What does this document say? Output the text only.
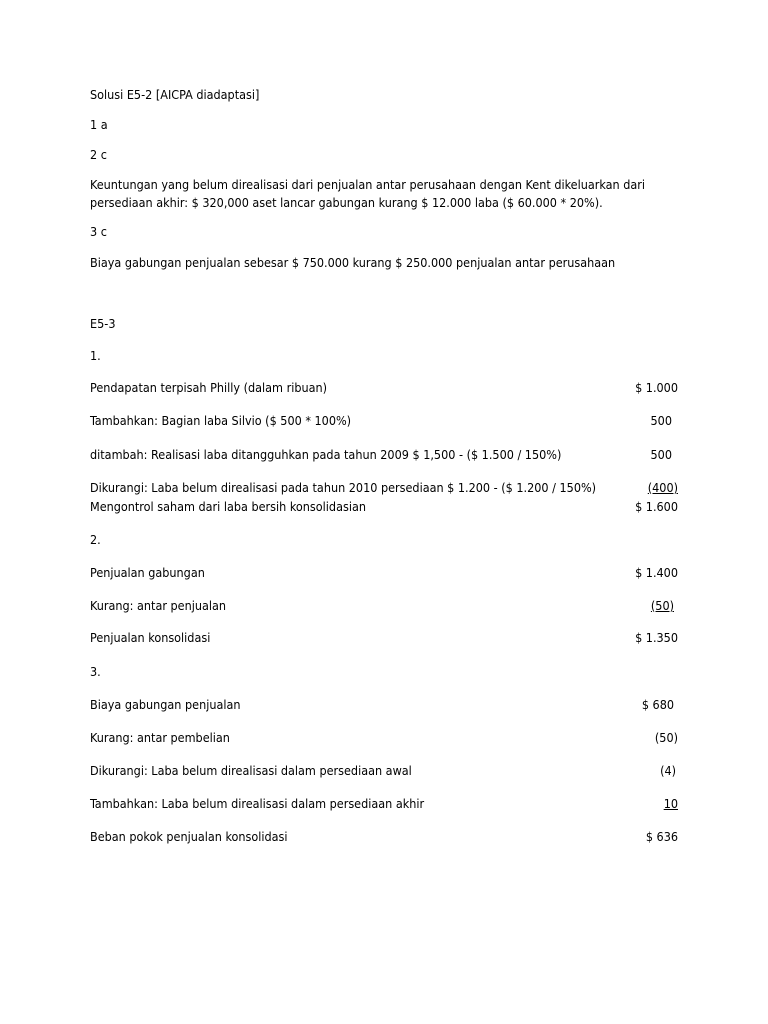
Solusi E5-2 [AICPA diadaptasi]
1 a
2 c
Keuntungan yang belum direalisasi dari penjualan antar perusahaan dengan Kent dikeluarkan dari persediaan akhir: $ 320,000 aset lancar gabungan kurang $ 12.000 laba ($ 60.000 * 20%).
3 c
Biaya gabungan penjualan sebesar $ 750.000 kurang $ 250.000 penjualan antar perusahaan
E5-3
1.
Pendapatan terpisah Philly (dalam ribuan)	$ 1.000
Tambahkan: Bagian laba Silvio ($ 500 * 100%)	500
ditambah: Realisasi laba ditangguhkan pada tahun 2009 $ 1,500 - ($ 1.500 / 150%)	500
Dikurangi: Laba belum direalisasi pada tahun 2010 persediaan $ 1.200 - ($ 1.200 / 150%)	(400)
Mengontrol saham dari laba bersih konsolidasian	$ 1.600
2.
Penjualan gabungan	$ 1.400
Kurang: antar penjualan	(50)
Penjualan konsolidasi	$ 1.350
3.
Biaya gabungan penjualan	$ 680
Kurang: antar pembelian	(50)
Dikurangi: Laba belum direalisasi dalam persediaan awal	(4)
Tambahkan: Laba belum direalisasi dalam persediaan akhir	10
Beban pokok penjualan konsolidasi	$ 636
